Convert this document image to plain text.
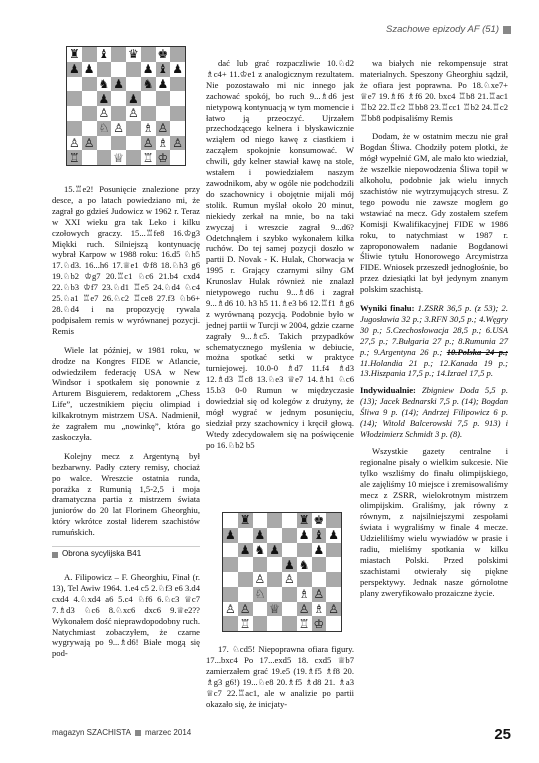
Szachowe epizody AF (51)
♜ ♝ ♛ ♚
♟ ♟	♟ ♝ ♟
♞ ♟ ♞ ♟
♟ ♟
♙ ♙
♘ ♙ ♗ ♙
♙ ♙	♙ ♗ ♙
♖	♕ ♖ ♔

15.♖e2! Posunięcie znalezione przy desce, a po latach powiedziano mi, że zagrał go gdzieś Judowicz w 1962 r. Teraz w XXI wieku gra tak Leko i kilku czołowych graczy. 15...♖fe8 16.♔g3 Miękki ruch. Silniejszą kontynuację wybrał Karpow w 1988 roku: 16.d5 ♘h5 17.♘d3. 16...h6 17.♕e1 ♔f8 18.♘h3 g6 19.♘b2 ♔g7 20.♖c1 ♘c6 21.b4 cxd4 22.♘b3 ♔f7 23.♘d1 ♖e5 24.♘d4 ♘c4 25.♘a1 ♖e7 26.♘c2 ♖ce8 27.f3 ♘b6+ 28.♘d4 i na propozycję rywala podpisałem remis w wyrównanej pozycji. Remis

Wiele lat później, w 1981 roku, w drodze na Kongres FIDE w Atlancie, odwiedziłem federację USA w New Windsor i spotkałem się ponownie z Arturem Bisguierem, redaktorem „Chess Life”, uczestnikiem pięciu olimpiad i kilkakrotnym mistrzem USA. Nadmienił, że zagrałem mu „nowinkę”, która go zaskoczyła.

Kolejny mecz z Argentyną był bezbarwny. Padły cztery remisy, chociaż po walce. Wreszcie ostatnia runda, porażka z Rumunią 1,5-2,5 i moja dramatyczna partia z mistrzem świata juniorów do 20 lat Florinem Gheorghiu, który wkrótce został liderem szachistów rumuńskich.

Obrona sycylijska B41

A. Filipowicz – F. Gheorghiu, Finał (r. 13), Tel Awiw 1964. 1.e4 c5 2.♘f3 e6 3.d4 cxd4 4.♘xd4 a6 5.c4 ♘f6 6.♘c3 ♕c7 7.♗d3 ♘c6 8.♘xc6 dxc6 9.♕e2?? Wykonałem dość nieprawdopodobny ruch. Natychmiast zobaczyłem, że czarne wygrywają po 9...♗d6! Białe mogą się pod-

dać lub grać rozpaczliwie 10.♘d2 ♗c4+ 11.♔e1 z analogicznym rezultatem. Nie pozostawało mi nic innego jak zachować spokój, bo ruch 9...♗d6 jest nietypową kontynuacją w tym momencie i łatwo ją przeoczyć. Ujrzałem przechodzącego kelnera i błyskawicznie wziąłem od niego kawę z ciastkiem i zacząłem spokojnie konsumować. W chwili, gdy kelner stawiał kawę na stole, wstałem i powiedziałem naszym zawodnikom, aby w ogóle nie podchodzili do szachownicy i obojętnie mijali mój stolik. Rumun myślał około 20 minut, niekiedy zerkał na mnie, bo na taki zwyczaj i wreszcie zagrał 9...d6? Odetchnąłem i szybko wykonałem kilka ruchów. Do tej samej pozycji doszło w partii D. Novak - K. Hulak, Chorwacja w 1995 r. Grający czarnymi silny GM Krunoslav Hulak również nie znalazł nietypowego ruchu 9...♗d6 i zagrał 9...♗d6 10. h3 h5 11.♗e3 b6 12.♖f1 ♗g6 z wyrównaną pozycją. Podobnie było w jednej partii w Turcji w 2004, gdzie czarne zagrały 9...♗c5. Takich przypadków schematycznego myślenia w debiucie, można spotkać setki w praktyce turniejowej. 10.0-0 ♗d7 11.f4 ♗d3 12.♗d3 ♖c8 13.♘e3 ♕e7 14.♗h1 ♘c6 15.b3 0-0 Rumun w międzyczasie dowiedział się od kolegów z drużyny, że mógł wygrać w jednym posunięciu, siedział przy szachownicy i kręcił głową. Wtedy zdecydowałem się na poświęcenie po 16.♘b2 b5

♜	♜ ♚
♟ ♟	♟ ♝ ♟
♟ ♞ ♟	♟
♟ ♞
♙ ♙
♘	♗ ♙
♙ ♙ ♕ ♙ ♗ ♙
♖	♖ ♔

17. ♘cd5! Niepoprawna ofiara figury. 17...bxc4 Po 17...exd5 18. cxd5 ♕b7 zamierzałem grać 19.e5 (19.♗f5 ♗f8 20. ♗g3 g6!) 19...♘e8 20.♗f5 ♗d8 21. ♗a3 ♕c7 22.♖ac1, ale w analizie po partii okazało się, że inicjaty-

wa białych nie rekompensuje strat materialnych. Speszony Gheorghiu sądził, że ofiara jest poprawna. Po 18.♘xe7+ ♕e7 19.♗f6 ♗f6 20. bxc4 ♖b8 21.♖ac1 ♖b2 22.♖c2 ♖bb8 23.♖cc1 ♖b2 24.♖c2 ♖bb8 podpisaliśmy Remis

Dodam, że w ostatnim meczu nie grał Bogdan Śliwa. Chodziły potem plotki, że mógł wypełnić GM, ale mało kto wiedział, że wszelkie niepowodzenia Śliwa topił w alkoholu, podobnie jak wielu innych szachistów nie wytrzymujących stresu. Z tego powodu nie zawsze mogłem go wstawiać na mecz. Gdy zostałem szefem Komisji Kwalifikacyjnej FIDE w 1986 roku, to natychmiast w 1987 r. zaproponowałem nadanie Bogdanowi Śliwie tytułu Honorowego Arcymistrza FIDE. Wniosek przeszedł jednogłośnie, bo przez dziesiątki lat był jedynym znanym polskim szachistą.

Wyniki finału: 1.ZSRR 36,5 p. (z 53); 2. Jugosławia 32 p.; 3.RFN 30,5 p.; 4.Węgry 30 p.; 5.Czechosłowacja 28,5 p.; 6.USA 27,5 p.; 7.Bułgaria 27 p.; 8.Rumunia 27 p.; 9.Argentyna 26 p.; 10.Polska 24 p.; 11.Holandia 21 p.; 12.Kanada 19 p.; 13.Hiszpania 17,5 p.; 14.Izrael 17,5 p.

Indywidualnie: Zbigniew Doda 5,5 p. (13); Jacek Bednarski 7,5 p. (14); Bogdan Śliwa 9 p. (14); Andrzej Filipowicz 6 p. (14); Witold Balcerowski 7,5 p. 913) i Włodzimierz Schmidt 3 p. (8).

Wszystkie gazety centralne i regionalne pisały o wielkim sukcesie. Nie tylko wszliśmy do finału olimpijskiego, ale zajęliśmy 10 miejsce i zremisowaliśmy mecz z ZSRR, wielokrotnym mistrzem olimpijskim. Graliśmy, jak równy z równym, z najsilniejszymi zespołami świata i wygraliśmy w finale 4 mecze. Udzieliliśmy wielu wywiadów w prasie i radiu, mieliśmy spotkania w kilku miastach Polski. Przed polskimi szachistami otwierały się piękne perspektywy. Jednak nasze górnolotne plany zweryfikowało prozaiczne życie.

magazyn SZACHISTA marzec 2014	25
